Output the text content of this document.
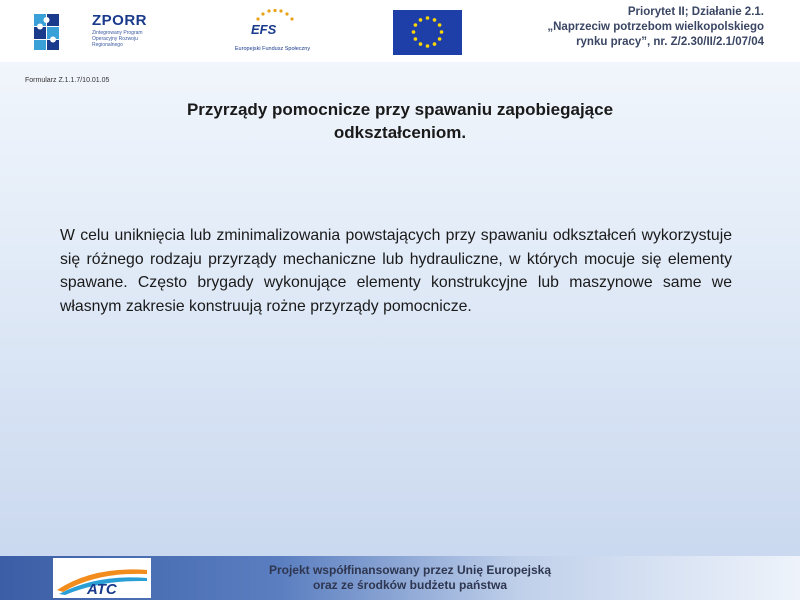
ZPORR
Zintegrowany Program Operacyjny Rozwoju Regionalnego
EFS
Europejski Fundusz Społeczny
Priorytet II; Działanie 2.1.
„Naprzeciw potrzebom wielkopolskiego
rynku pracy”, nr. Z/2.30/II/2.1/07/04
Formularz Z.1.1.7/10.01.05
Przyrządy pomocnicze przy spawaniu zapobiegające
odkształceniom.
W celu uniknięcia lub zminimalizowania powstających przy spawaniu odkształceń wykorzystuje się różnego rodzaju przyrządy mechaniczne lub hydrauliczne, w których mocuje się elementy spawane. Często brygady wykonujące elementy konstrukcyjne lub maszynowe same we własnym zakresie konstruują rożne przyrządy pomocnicze.
ATC
Projekt współfinansowany przez Unię Europejską
oraz ze środków budżetu państwa
